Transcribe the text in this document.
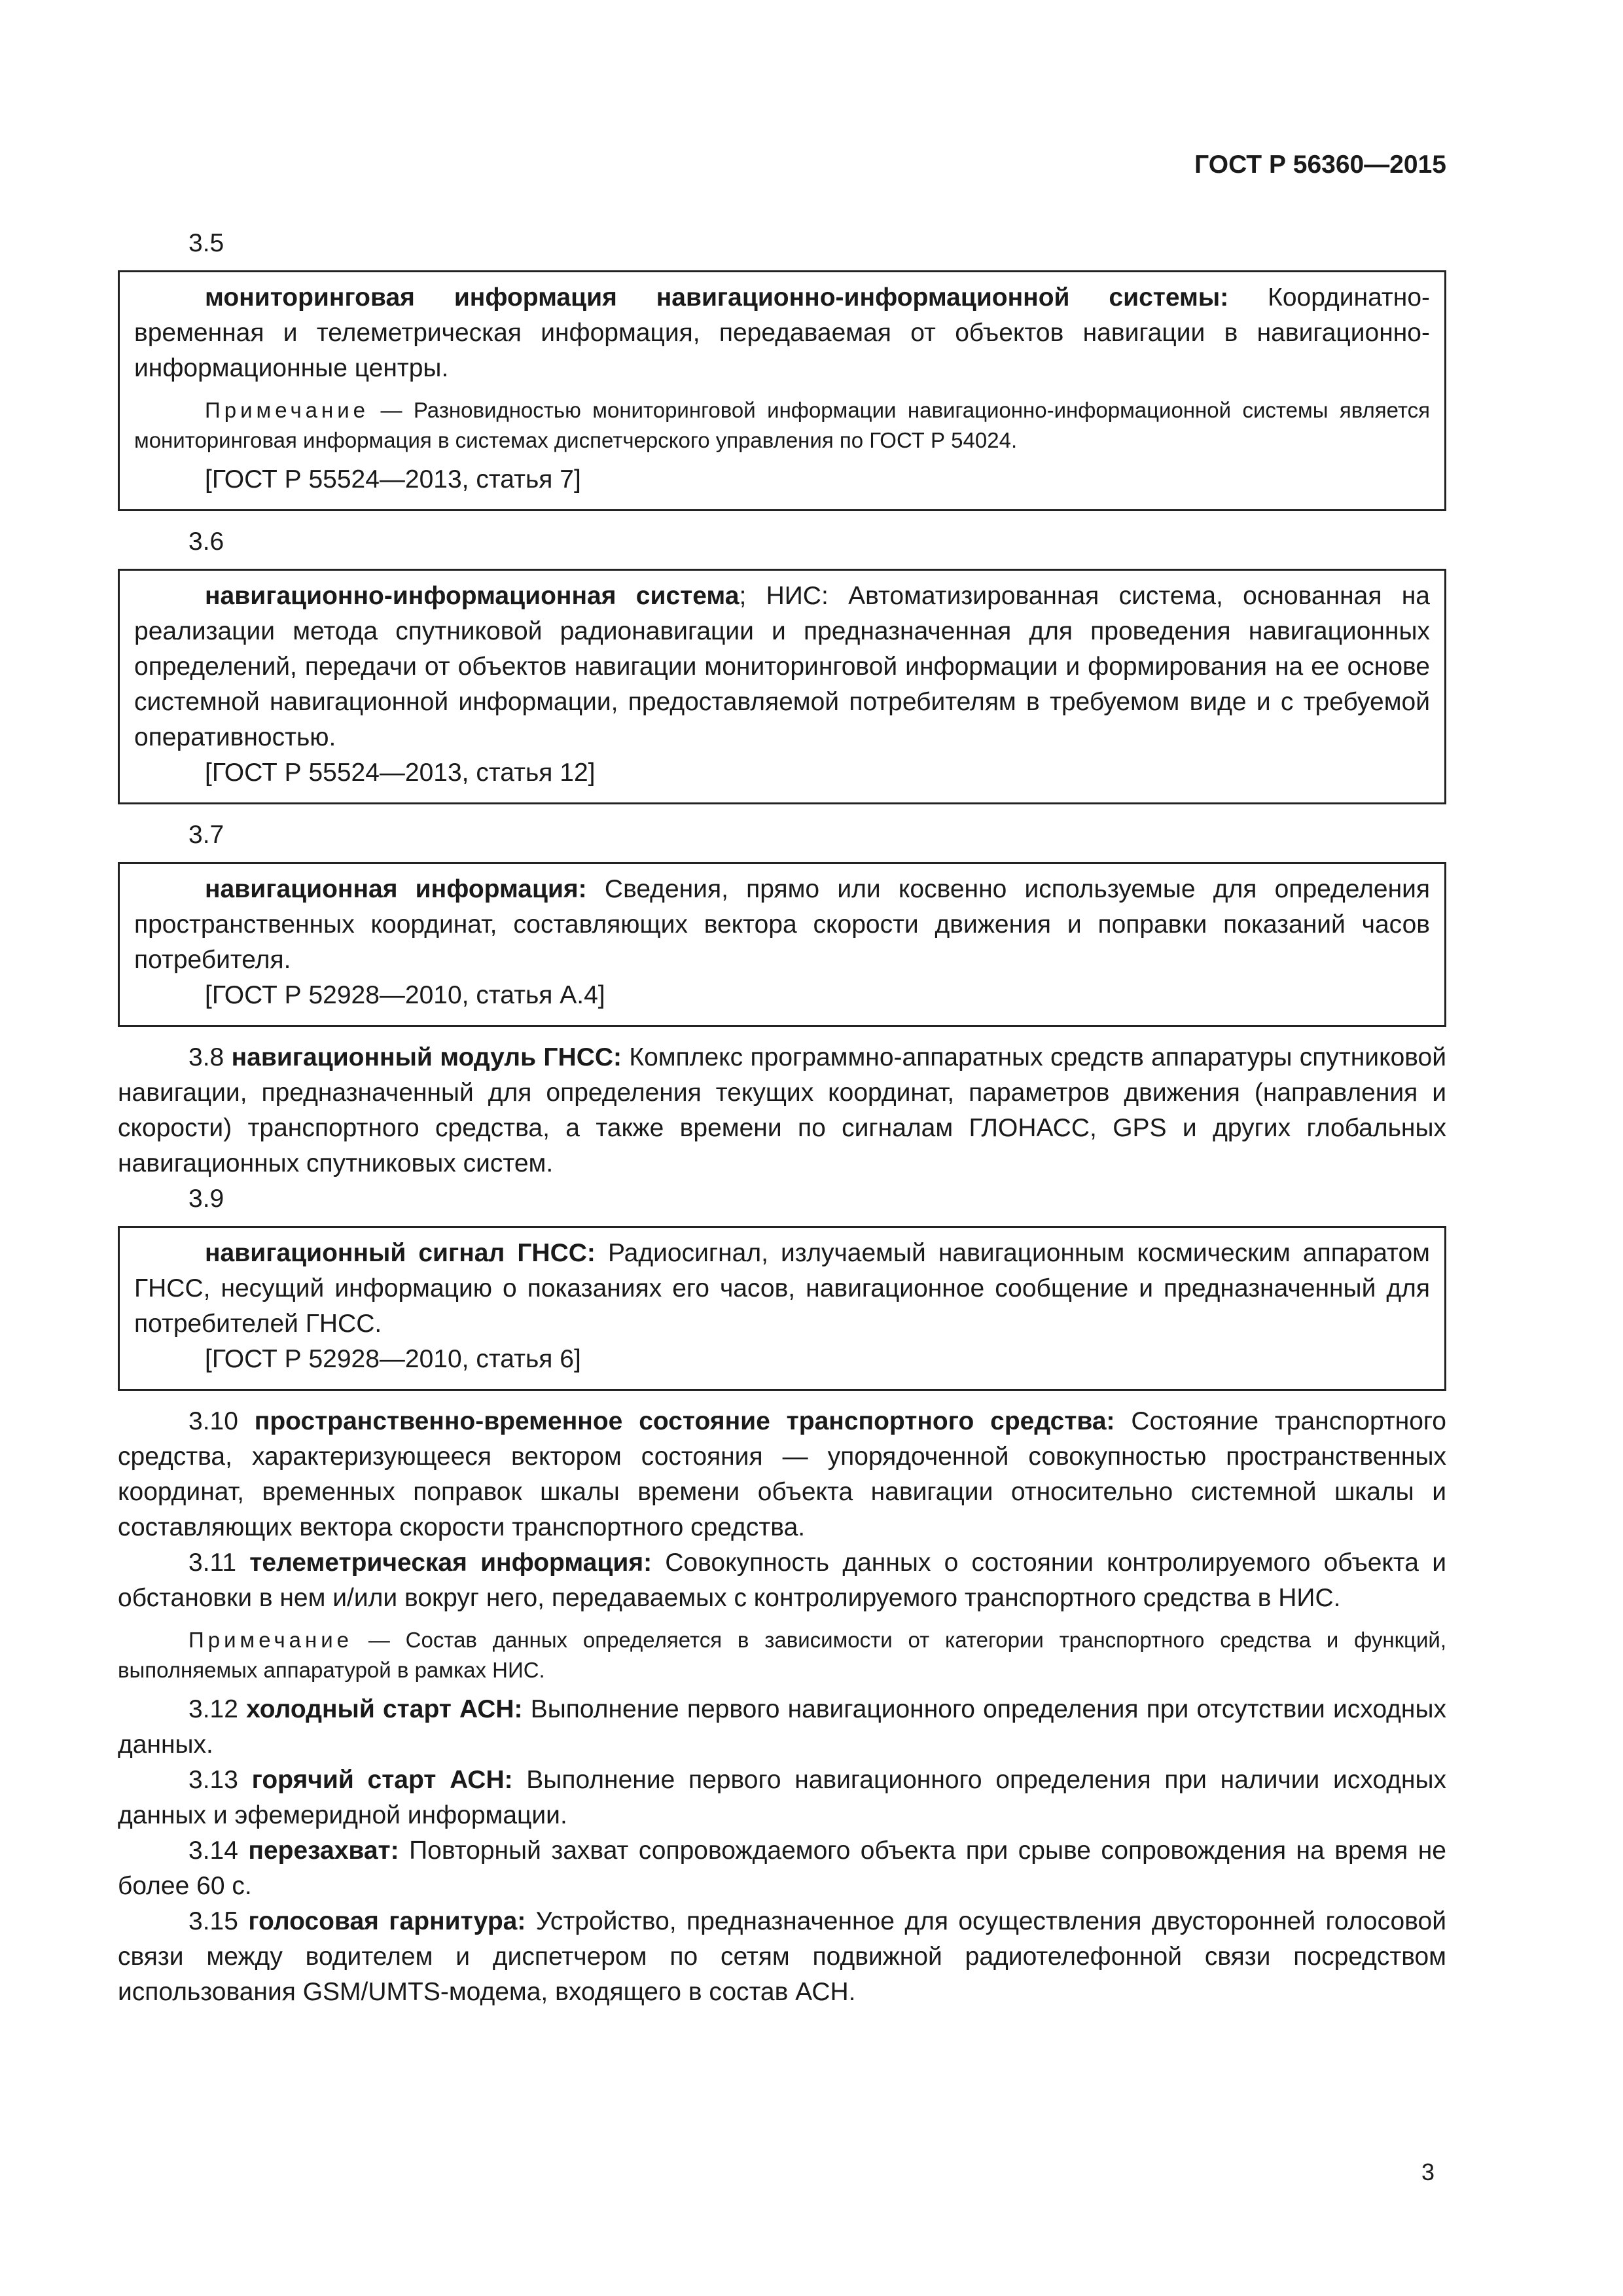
ГОСТ Р 56360—2015

3.5

мониторинговая информация навигационно-информационной системы: Координатно-временная и телеметрическая информация, передаваемая от объектов навигации в навигационно-информационные центры.

Примечание — Разновидностью мониторинговой информации навигационно-информационной системы является мониторинговая информация в системах диспетчерского управления по ГОСТ Р 54024.

[ГОСТ Р 55524—2013, статья 7]

3.6

навигационно-информационная система; НИС: Автоматизированная система, основанная на реализации метода спутниковой радионавигации и предназначенная для проведения навигационных определений, передачи от объектов навигации мониторинговой информации и формирования на ее основе системной навигационной информации, предоставляемой потребителям в требуемом виде и с требуемой оперативностью.

[ГОСТ Р 55524—2013, статья 12]

3.7

навигационная информация: Сведения, прямо или косвенно используемые для определения пространственных координат, составляющих вектора скорости движения и поправки показаний часов потребителя.

[ГОСТ Р 52928—2010, статья А.4]

3.8 навигационный модуль ГНСС: Комплекс программно-аппаратных средств аппаратуры спутниковой навигации, предназначенный для определения текущих координат, параметров движения (направления и скорости) транспортного средства, а также времени по сигналам ГЛОНАСС, GPS и других глобальных навигационных спутниковых систем.

3.9

навигационный сигнал ГНСС: Радиосигнал, излучаемый навигационным космическим аппаратом ГНСС, несущий информацию о показаниях его часов, навигационное сообщение и предназначенный для потребителей ГНСС.

[ГОСТ Р 52928—2010, статья 6]

3.10 пространственно-временное состояние транспортного средства: Состояние транспортного средства, характеризующееся вектором состояния — упорядоченной совокупностью пространственных координат, временных поправок шкалы времени объекта навигации относительно системной шкалы и составляющих вектора скорости транспортного средства.

3.11 телеметрическая информация: Совокупность данных о состоянии контролируемого объекта и обстановки в нем и/или вокруг него, передаваемых с контролируемого транспортного средства в НИС.

Примечание — Состав данных определяется в зависимости от категории транспортного средства и функций, выполняемых аппаратурой в рамках НИС.

3.12 холодный старт АСН: Выполнение первого навигационного определения при отсутствии исходных данных.

3.13 горячий старт АСН: Выполнение первого навигационного определения при наличии исходных данных и эфемеридной информации.

3.14 перезахват: Повторный захват сопровождаемого объекта при срыве сопровождения на время не более 60 с.

3.15 голосовая гарнитура: Устройство, предназначенное для осуществления двусторонней голосовой связи между водителем и диспетчером по сетям подвижной радиотелефонной связи посредством использования GSM/UMTS-модема, входящего в состав АСН.

3
